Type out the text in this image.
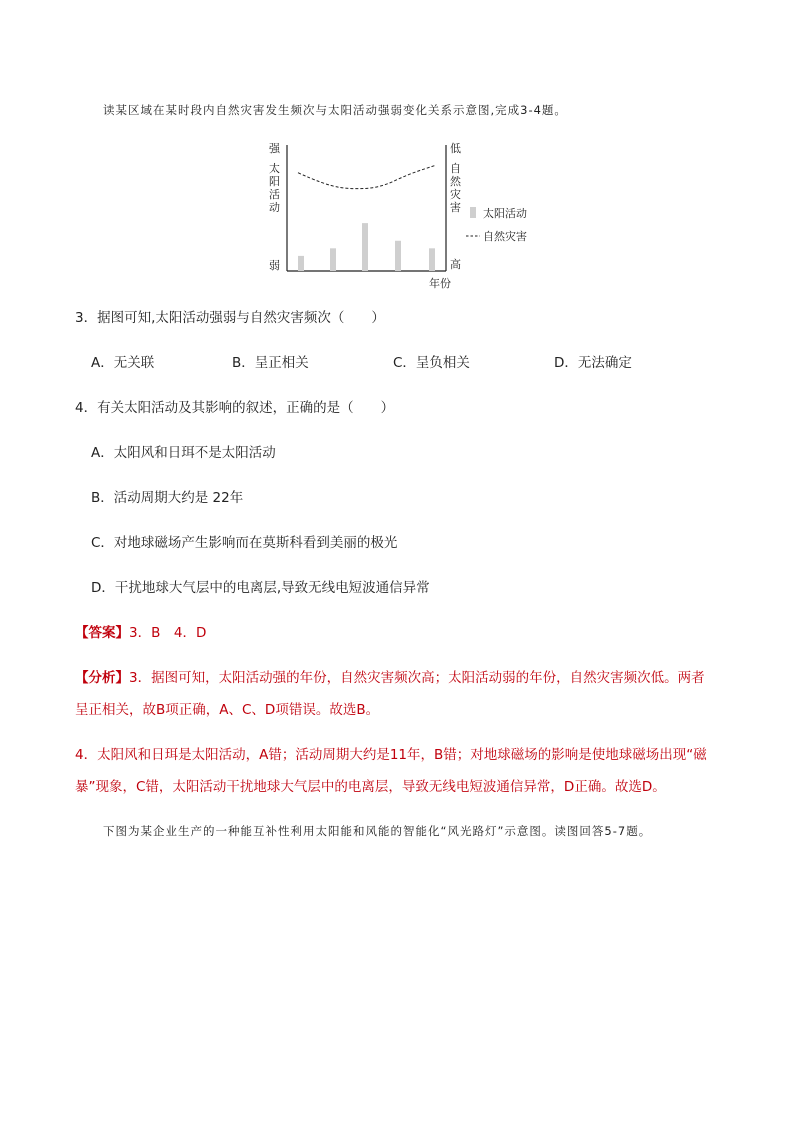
读某区域在某时段内自然灾害发生频次与太阳活动强弱变化关系示意图,完成3-4题。
强
弱
太
阳
活
动
低
高
自
然
灾
害
年份
太阳活动
自然灾害
3．据图可知,太阳活动强弱与自然灾害频次（　　）
A．无关联	B．呈正相关	C．呈负相关	D．无法确定
4．有关太阳活动及其影响的叙述，正确的是（　　）
A．太阳风和日珥不是太阳活动
B．活动周期大约是 22年
C．对地球磁场产生影响而在莫斯科看到美丽的极光
D．干扰地球大气层中的电离层,导致无线电短波通信异常
【答案】3．B　4．D
【分析】3．据图可知，太阳活动强的年份，自然灾害频次高；太阳活动弱的年份，自然灾害频次低。两者
呈正相关，故B项正确，A、C、D项错误。故选B。
4．太阳风和日珥是太阳活动，A错；活动周期大约是11年，B错；对地球磁场的影响是使地球磁场出现“磁
暴”现象，C错，太阳活动干扰地球大气层中的电离层，导致无线电短波通信异常，D正确。故选D。
下图为某企业生产的一种能互补性利用太阳能和风能的智能化“风光路灯”示意图。读图回答5-7题。
